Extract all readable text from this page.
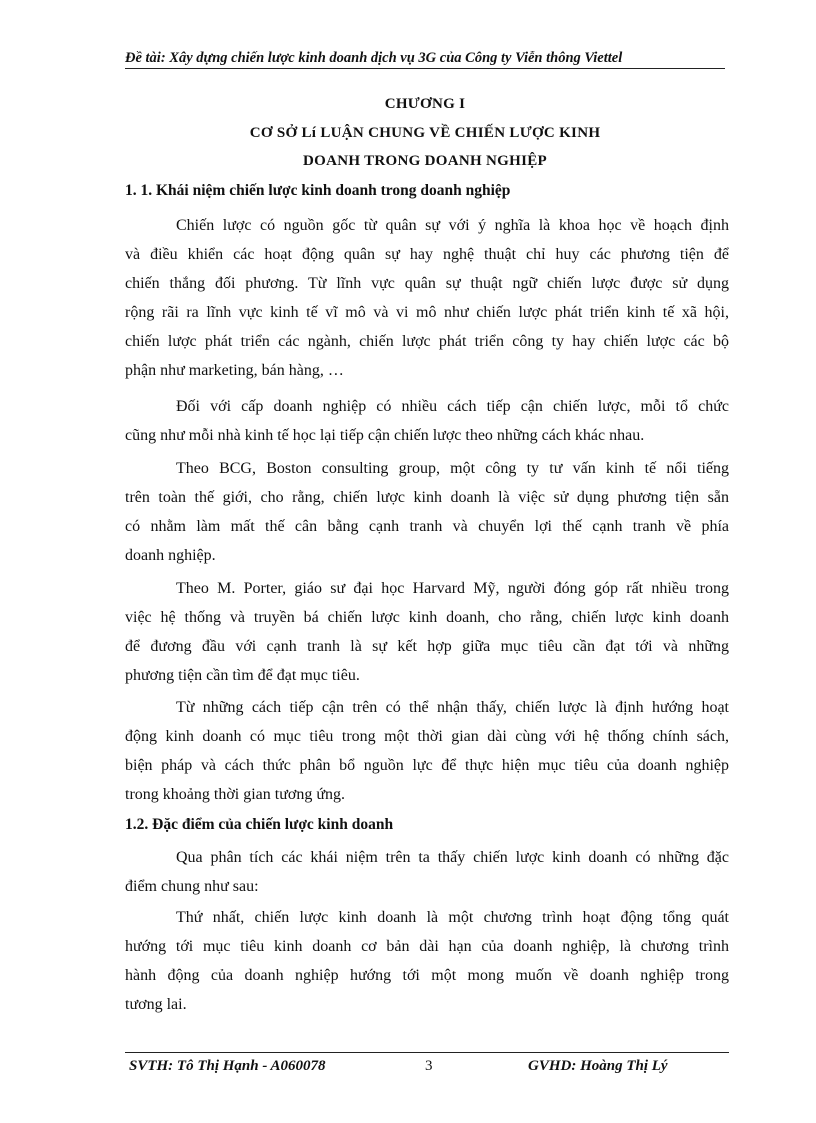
Đề tài: Xây dựng chiến lược kinh doanh dịch vụ 3G của Công ty Viễn thông Viettel
CHƯƠNG I
CƠ SỞ Lí LUẬN CHUNG VỀ CHIẾN LƯỢC KINH
DOANH TRONG DOANH NGHIỆP
1. 1. Khái niệm chiến lược kinh doanh trong doanh nghiệp
Chiến lược có nguồn gốc từ quân sự với ý nghĩa là khoa học về hoạch định
và điều khiển các hoạt động quân sự hay nghệ thuật chỉ huy các phương tiện để
chiến thắng đối phương. Từ lĩnh vực quân sự thuật ngữ chiến lược được sử dụng
rộng rãi ra lĩnh vực kinh tế vĩ mô và vi mô như chiến lược phát triển kinh tế xã hội,
chiến lược phát triển các ngành, chiến lược phát triển công ty hay chiến lược các bộ
phận như marketing, bán hàng, …
Đối với cấp doanh nghiệp có nhiều cách tiếp cận chiến lược, mỗi tổ chức
cũng như mỗi nhà kinh tế học lại tiếp cận chiến lược theo những cách khác nhau.
Theo BCG, Boston consulting group, một công ty tư vấn kinh tế nổi tiếng
trên toàn thế giới, cho rằng, chiến lược kinh doanh là việc sử dụng phương tiện sẵn
có nhằm làm mất thế cân bằng cạnh tranh và chuyển lợi thế cạnh tranh về phía
doanh nghiệp.
Theo M. Porter, giáo sư đại học Harvard Mỹ, người đóng góp rất nhiều trong
việc hệ thống và truyền bá chiến lược kinh doanh, cho rằng, chiến lược kinh doanh
để đương đầu với cạnh tranh là sự kết hợp giữa mục tiêu cần đạt tới và những
phương tiện cần tìm để đạt mục tiêu.
Từ những cách tiếp cận trên có thể nhận thấy, chiến lược là định hướng hoạt
động kinh doanh có mục tiêu trong một thời gian dài cùng với hệ thống chính sách,
biện pháp và cách thức phân bổ nguồn lực để thực hiện mục tiêu của doanh nghiệp
trong khoảng thời gian tương ứng.
1.2. Đặc điểm của chiến lược kinh doanh
Qua phân tích các khái niệm trên ta thấy chiến lược kinh doanh có những đặc
điểm chung như sau:
Thứ nhất, chiến lược kinh doanh là một chương trình hoạt động tổng quát
hướng tới mục tiêu kinh doanh cơ bản dài hạn của doanh nghiệp, là chương trình
hành động của doanh nghiệp hướng tới một mong muốn về doanh nghiệp trong
tương lai.
SVTH: Tô Thị Hạnh - A060078	3	GVHD: Hoàng Thị Lý
